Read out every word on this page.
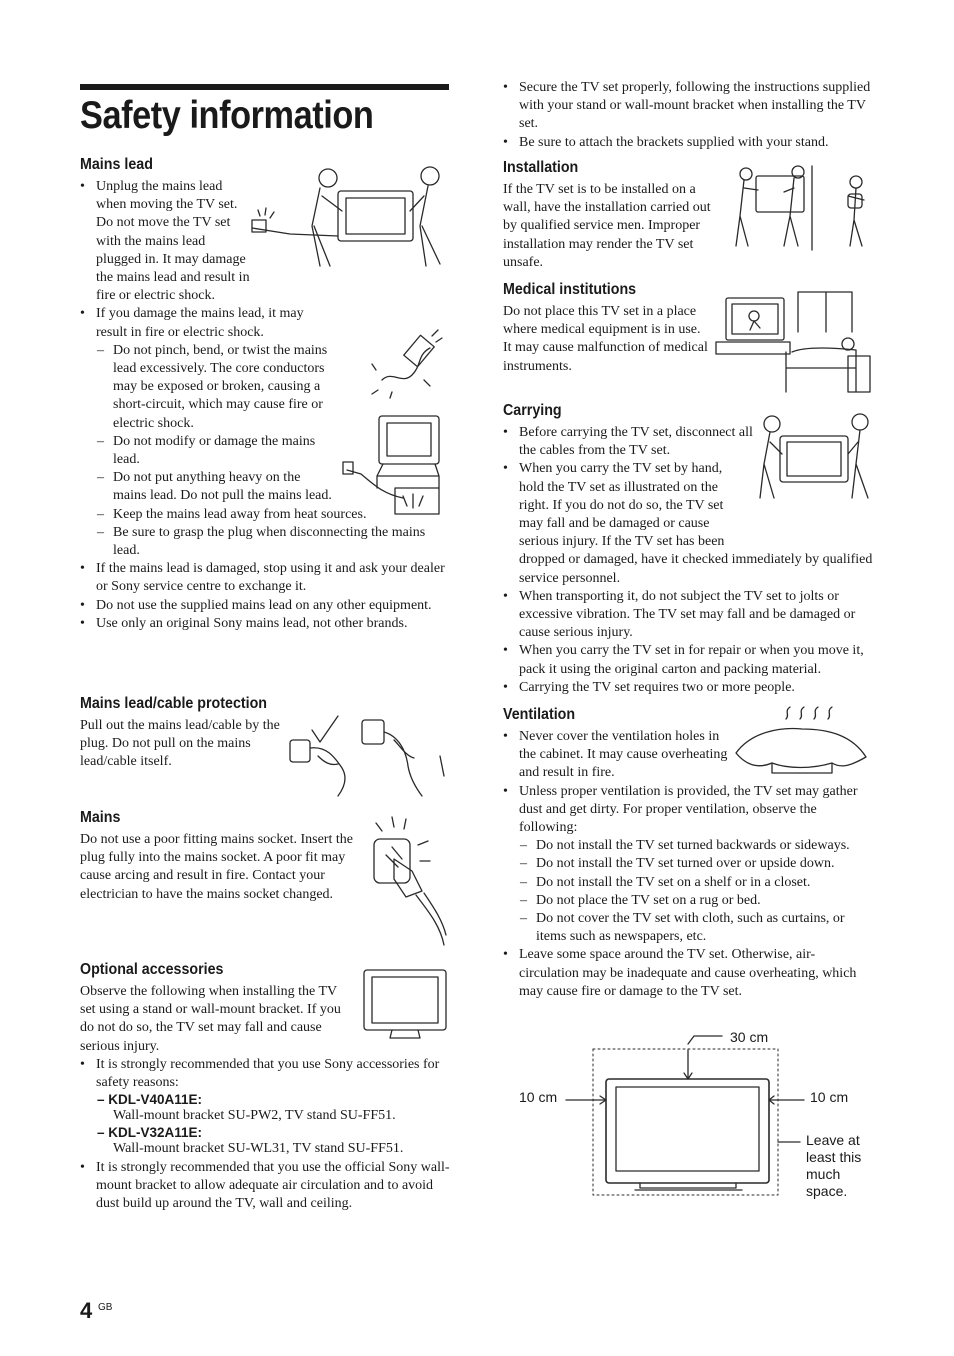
Safety information
Mains lead
• Unplug the mains lead when moving the TV set. Do not move the TV set with the mains lead plugged in. It may damage the mains lead and result in fire or electric shock.
• If you damage the mains lead, it may result in fire or electric shock.
– Do not pinch, bend, or twist the mains lead excessively. The core conductors may be exposed or broken, causing a short-circuit, which may cause fire or electric shock.
– Do not modify or damage the mains lead.
– Do not put anything heavy on the mains lead. Do not pull the mains lead.
– Keep the mains lead away from heat sources.
– Be sure to grasp the plug when disconnecting the mains lead.
• If the mains lead is damaged, stop using it and ask your dealer or Sony service centre to exchange it.
• Do not use the supplied mains lead on any other equipment.
• Use only an original Sony mains lead, not other brands.
Mains lead/cable protection

Pull out the mains lead/cable by the plug. Do not pull on the mains lead/cable itself.

Mains

Do not use a poor fitting mains socket. Insert the plug fully into the mains socket. A poor fit may cause arcing and result in fire. Contact your electrician to have the mains socket changed.

Optional accessories

Observe the following when installing the TV set using a stand or wall-mount bracket. If you do not do so, the TV set may fall and cause serious injury.

• It is strongly recommended that you use Sony accessories for safety reasons:
– KDL-V40A11E:
Wall-mount bracket SU-PW2, TV stand SU-FF51.
– KDL-V32A11E:
Wall-mount bracket SU-WL31, TV stand SU-FF51.
• It is strongly recommended that you use the official Sony wall-mount bracket to allow adequate air circulation and to avoid dust build up around the TV, wall and ceiling.
• Secure the TV set properly, following the instructions supplied with your stand or wall-mount bracket when installing the TV set.
• Be sure to attach the brackets supplied with your stand.
Installation

If the TV set is to be installed on a wall, have the installation carried out by qualified service men. Improper installation may render the TV set unsafe.

Medical institutions

Do not place this TV set in a place where medical equipment is in use. It may cause malfunction of medical instruments.

Carrying
• Before carrying the TV set, disconnect all the cables from the TV set.
• When you carry the TV set by hand, hold the TV set as illustrated on the right. If you do not do so, the TV set may fall and be damaged or cause serious injury. If the TV set has been dropped or damaged, have it checked immediately by qualified service personnel.
• When transporting it, do not subject the TV set to jolts or excessive vibration. The TV set may fall and be damaged or cause serious injury.
• When you carry the TV set in for repair or when you move it, pack it using the original carton and packing material.
• Carrying the TV set requires two or more people.
Ventilation
• Never cover the ventilation holes in the cabinet. It may cause overheating and result in fire.
• Unless proper ventilation is provided, the TV set may gather dust and get dirty. For proper ventilation, observe the following:
– Do not install the TV set turned backwards or sideways.
– Do not install the TV set turned over or upside down.
– Do not install the TV set on a shelf or in a closet.
– Do not place the TV set on a rug or bed.
– Do not cover the TV set with cloth, such as curtains, or items such as newspapers, etc.
• Leave some space around the TV set. Otherwise, air-circulation may be inadequate and cause overheating, which may cause fire or damage to the TV set.
30 cm
10 cm	10 cm
Leave at least this much space.
4 GB
